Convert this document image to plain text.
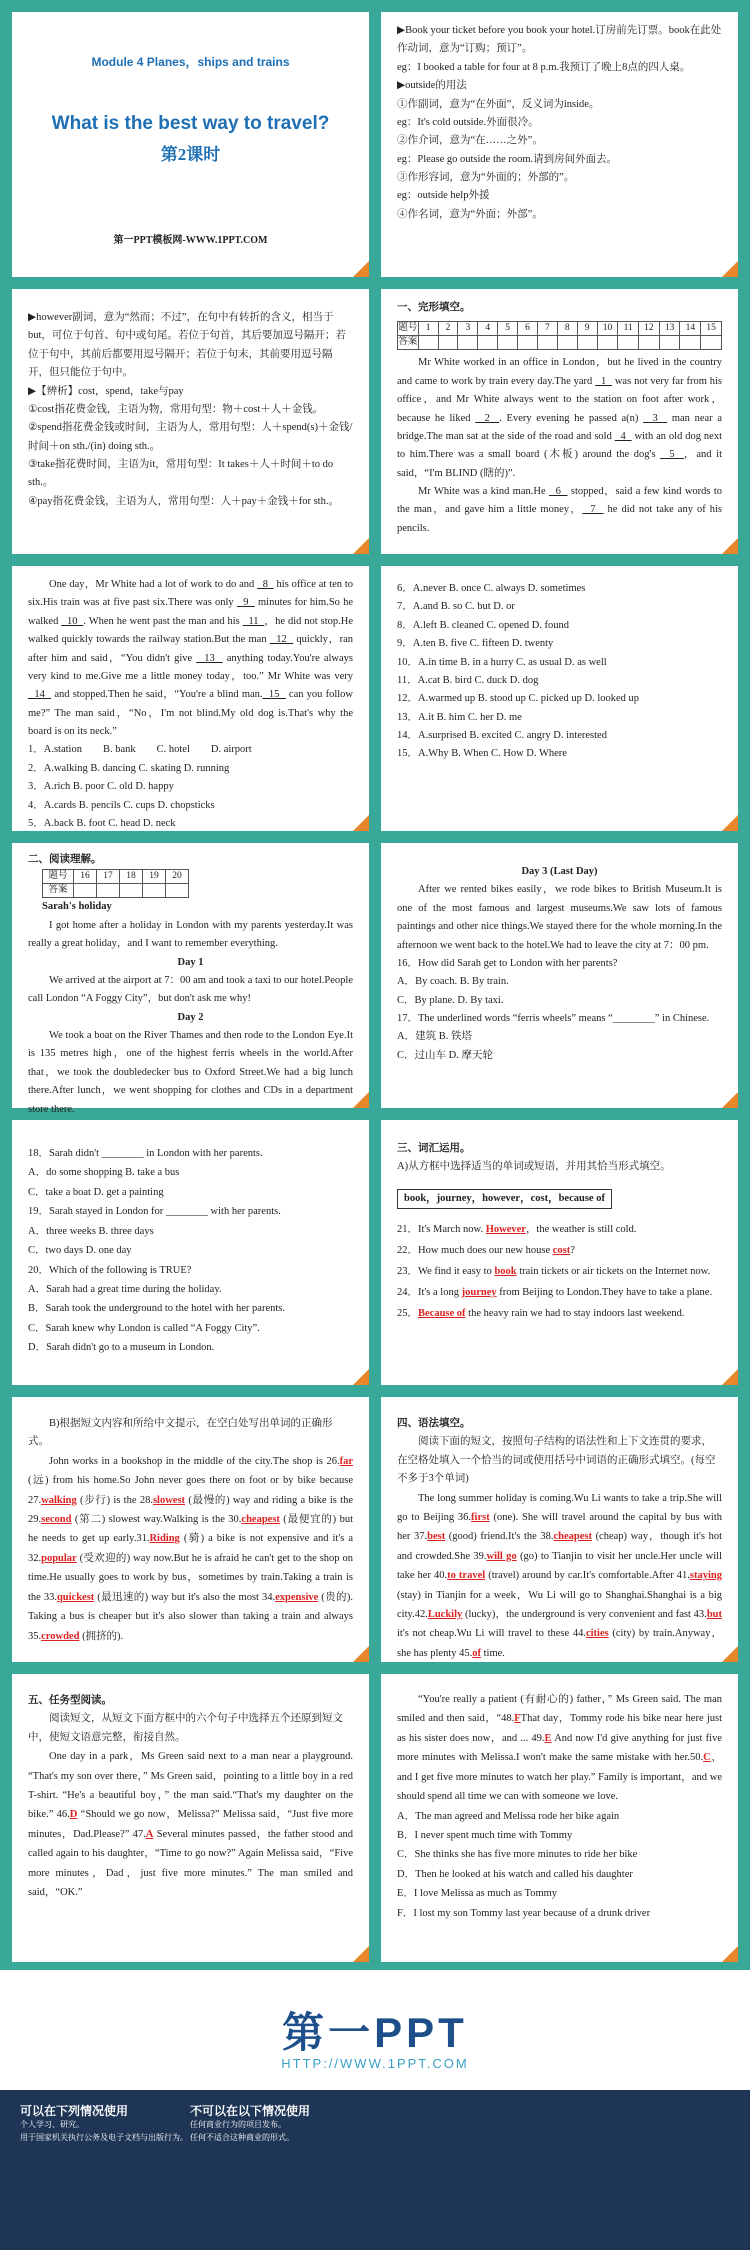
Module 4 Planes，ships and trains
What is the best way to travel?
第2课时
第一PPT模板网-WWW.1PPT.COM
▶Book your ticket before you book your hotel.订房前先订票。book在此处作动词，意为“订购；预订”。
eg：I booked a table for four at 8 p.m.我预订了晚上8点的四人桌。
▶outside的用法
①作副词，意为“在外面”，反义词为inside。
eg：It's cold outside.外面很冷。
②作介词，意为“在……之外”。
eg：Please go outside the room.请到房间外面去。
③作形容词，意为“外面的；外部的”。
eg：outside help外援
④作名词，意为“外面；外部”。
▶however副词，意为“然而；不过”，在句中有转折的含义，相当于but，可位于句首、句中或句尾。若位于句首，其后要加逗号隔开；若位于句中，其前后都要用逗号隔开；若位于句末，其前要用逗号隔开，但只能位于句中。
▶【辨析】cost，spend，take与pay
①cost指花费金钱，主语为物，常用句型：物＋cost＋人＋金钱。
②spend指花费金钱或时间，主语为人，常用句型：人＋spend(s)＋金钱/时间＋on sth./(in) doing sth.。
③take指花费时间，主语为it，常用句型：It takes＋人＋时间＋to do sth.。
④pay指花费金钱，主语为人，常用句型：人＋pay＋金钱＋for sth.。
一、完形填空。
题号	1	2	3	4	5	6	7	8	9	10	11	12	13	14	15
答案															
Mr White worked in an office in London，but he lived in the country and came to work by train every day.The yard   1   was not very far from his office，and Mr White always went to the station on foot after work，because he liked   2  . Every evening he passed a(n)   3   man near a bridge.The man sat at the side of the road and sold   4   with an old dog next to him.There was a small board (木板) around the dog's   5  ，and it said，“I'm BLIND (瞎的)”.
Mr White was a kind man.He   6   stopped，said a few kind words to the man，and gave him a little money，  7   he did not take any of his pencils.
One day，Mr White had a lot of work to do and   8   his office at ten to six.His train was at five past six.There was only   9   minutes for him.So he walked   10  . When he went past the man and his   11  ，he did not stop.He walked quickly towards the railway station.But the man   12   quickly，ran after him and said，“You didn't give   13   anything today.You're always very kind to me.Give me a little money today，too.” Mr White was very   14   and stopped.Then he said，“You're a blind man.  15   can you follow me?” The man said，“No，I'm not blind.My old dog is.That's why the board is on its neck.”
1．A.station　　B. bank　　C. hotel　　D. airport
2．A.walking B. dancing C. skating D. running
3．A.rich B. poor C. old D. happy
4．A.cards B. pencils C. cups D. chopsticks
5．A.back B. foot C. head D. neck
6．A.never B. once C. always D. sometimes
7．A.and B. so C. but D. or
8．A.left B. cleaned C. opened D. found
9．A.ten B. five C. fifteen D. twenty
10．A.in time B. in a hurry C. as usual D. as well
11．A.cat B. bird C. duck D. dog
12．A.warmed up B. stood up C. picked up D. looked up
13．A.it B. him C. her D. me
14．A.surprised B. excited C. angry D. interested
15．A.Why B. When C. How D. Where
二、阅读理解。
题号	16	17	18	19	20
答案					
Sarah's holiday
I got home after a holiday in London with my parents yesterday.It was really a great holiday，and I want to remember everything.
Day 1
We arrived at the airport at 7：00 am and took a taxi to our hotel.People call London “A Foggy City”，but don't ask me why!
Day 2
We took a boat on the River Thames and then rode to the London Eye.It is 135 metres high，one of the highest ferris wheels in the world.After that，we took the doubledecker bus to Oxford Street.We had a big lunch there.After lunch，we went shopping for clothes and CDs in a department store there.
Day 3 (Last Day)
After we rented bikes easily，we rode bikes to British Museum.It is one of the most famous and largest museums.We saw lots of famous paintings and other nice things.We stayed there for the whole morning.In the afternoon we went back to the hotel.We had to leave the city at 7：00 pm.
16．How did Sarah get to London with her parents?
A．By coach. B. By train.
C．By plane. D. By taxi.
17．The underlined words “ferris wheels” means “________” in Chinese.
A．建筑 B. 铁塔
C．过山车 D. 摩天轮
18．Sarah didn't ________ in London with her parents.
A．do some shopping B. take a bus
C．take a boat D. get a painting
19．Sarah stayed in London for ________ with her parents.
A．three weeks B. three days
C．two days D. one day
20．Which of the following is TRUE?
A．Sarah had a great time during the holiday.
B．Sarah took the underground to the hotel with her parents.
C．Sarah knew why London is called “A Foggy City”.
D．Sarah didn't go to a museum in London.
三、词汇运用。
A)从方框中选择适当的单词或短语，并用其恰当形式填空。
book，journey，however，cost，because of
21．It's March now. However，the weather is still cold.
22．How much does our new house cost?
23．We find it easy to book train tickets or air tickets on the Internet now.
24．It's a long journey from Beijing to London.They have to take a plane.
25．Because of the heavy rain we had to stay indoors last weekend.
B)根据短文内容和所给中文提示，在空白处写出单词的正确形式。
John works in a bookshop in the middle of the city.The shop is 26.far (远) from his home.So John never goes there on foot or by bike because 27.walking (步行) is the 28.slowest (最慢的) way and riding a bike is the 29.second (第二) slowest way.Walking is the 30.cheapest (最便宜的) but he needs to get up early.31.Riding (骑) a bike is not expensive and it's a 32.popular (受欢迎的) way now.But he is afraid he can't get to the shop on time.He usually goes to work by bus，sometimes by train.Taking a train is the 33.quickest (最迅速的) way but it's also the most 34.expensive (贵的). Taking a bus is cheaper but it's also slower than taking a train and always 35.crowded (拥挤的).
四、语法填空。
阅读下面的短文，按照句子结构的语法性和上下文连贯的要求，在空格处填入一个恰当的词或使用括号中词语的正确形式填空。(每空不多于3个单词)
The long summer holiday is coming.Wu Li wants to take a trip.She will go to Beijing 36.first (one). She will travel around the capital by bus with her 37.best (good) friend.It's the 38.cheapest (cheap) way，though it's hot and crowded.She 39.will go (go) to Tianjin to visit her uncle.Her uncle will take her 40.to travel (travel) around by car.It's comfortable.After 41.staying (stay) in Tianjin for a week，Wu Li will go to Shanghai.Shanghai is a big city.42.Luckily (lucky)，the underground is very convenient and fast 43.but it's not cheap.Wu Li will travel to these 44.cities (city) by train.Anyway，she has plenty 45.of time.
五、任务型阅读。
阅读短文，从短文下面方框中的六个句子中选择五个还原到短文中，使短文语意完整，衔接自然。
One day in a park，Ms Green said next to a man near a playground. “That's my son over there，” Ms Green said，pointing to a little boy in a red T-shirt. “He's a beautiful boy，” the man said.“That's my daughter on the bike.” 46.D “Should we go now，Melissa?” Melissa said，“Just five more minutes，Dad.Please?” 47.A Several minutes passed，the father stood and called again to his daughter，“Time to go now?” Again Melissa said，“Five more minutes，Dad，just five more minutes.” The man smiled and said，“OK.”
“You're really a patient (有耐心的) father，” Ms Green said. The man smiled and then said，“48.FThat day，Tommy rode his bike near here just as his sister does now，and ... 49.E And now I'd give anything for just five more minutes with Melissa.I won't make the same mistake with her.50.C，and I get five more minutes to watch her play.” Family is important，and we should spend all time we can with someone we love.
A．The man agreed and Melissa rode her bike again
B．I never spent much time with Tommy
C．She thinks she has five more minutes to ride her bike
D．Then he looked at his watch and called his daughter
E．I love Melissa as much as Tommy
F．I lost my son Tommy last year because of a drunk driver
第一PPT
HTTP://WWW.1PPT.COM
可以在下列情况使用
个人学习、研究。
用于国家机关执行公务及电子文档与出版行为。
不可以在以下情况使用
任何商业行为的项目发布。
任何不适合这种商业的形式。
